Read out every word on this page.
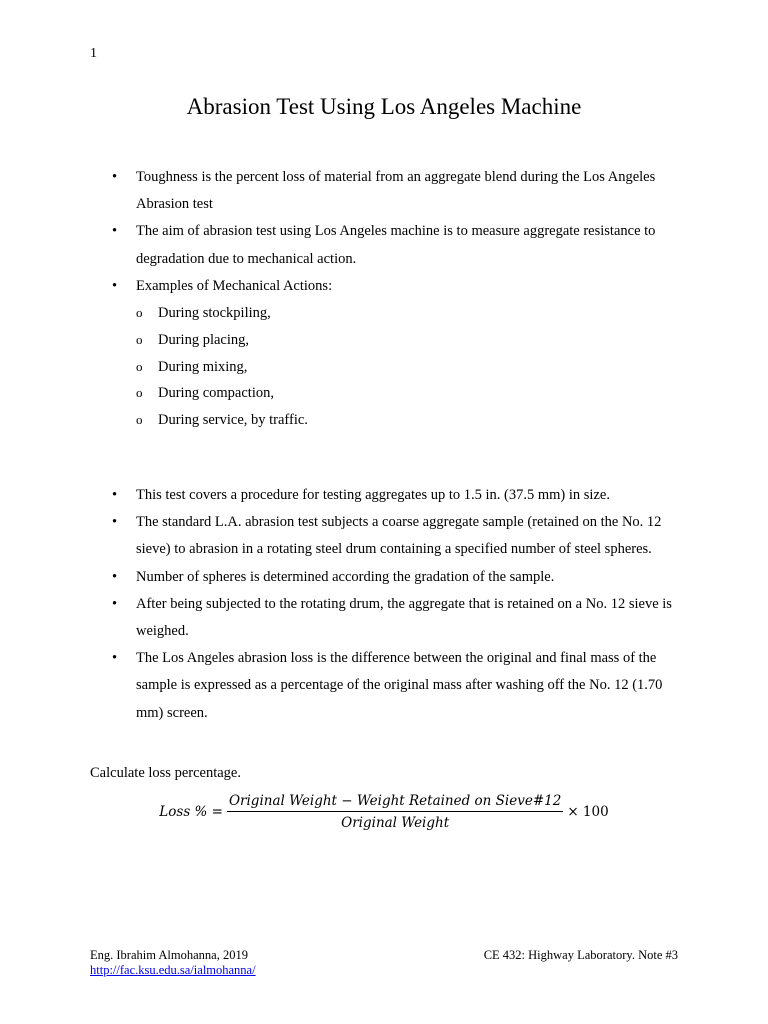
1
Abrasion Test Using Los Angeles Machine
• Toughness is the percent loss of material from an aggregate blend during the Los Angeles Abrasion test
• The aim of abrasion test using Los Angeles machine is to measure aggregate resistance to degradation due to mechanical action.
• Examples of Mechanical Actions:
o During stockpiling,
o During placing,
o During mixing,
o During compaction,
o During service, by traffic.
• This test covers a procedure for testing aggregates up to 1.5 in. (37.5 mm) in size.
• The standard L.A. abrasion test subjects a coarse aggregate sample (retained on the No. 12 sieve) to abrasion in a rotating steel drum containing a specified number of steel spheres.
• Number of spheres is determined according the gradation of the sample.
• After being subjected to the rotating drum, the aggregate that is retained on a No. 12 sieve is weighed.
• The Los Angeles abrasion loss is the difference between the original and final mass of the sample is expressed as a percentage of the original mass after washing off the No. 12 (1.70 mm) screen.
Calculate loss percentage.
Loss % = $\frac{\text{Original Weight − Weight Retained on Sieve\#12}}{\text{Original Weight}} \times 100$
Eng. Ibrahim Almohanna, 2019
http://fac.ksu.edu.sa/ialmohanna/
CE 432: Highway Laboratory. Note #3
